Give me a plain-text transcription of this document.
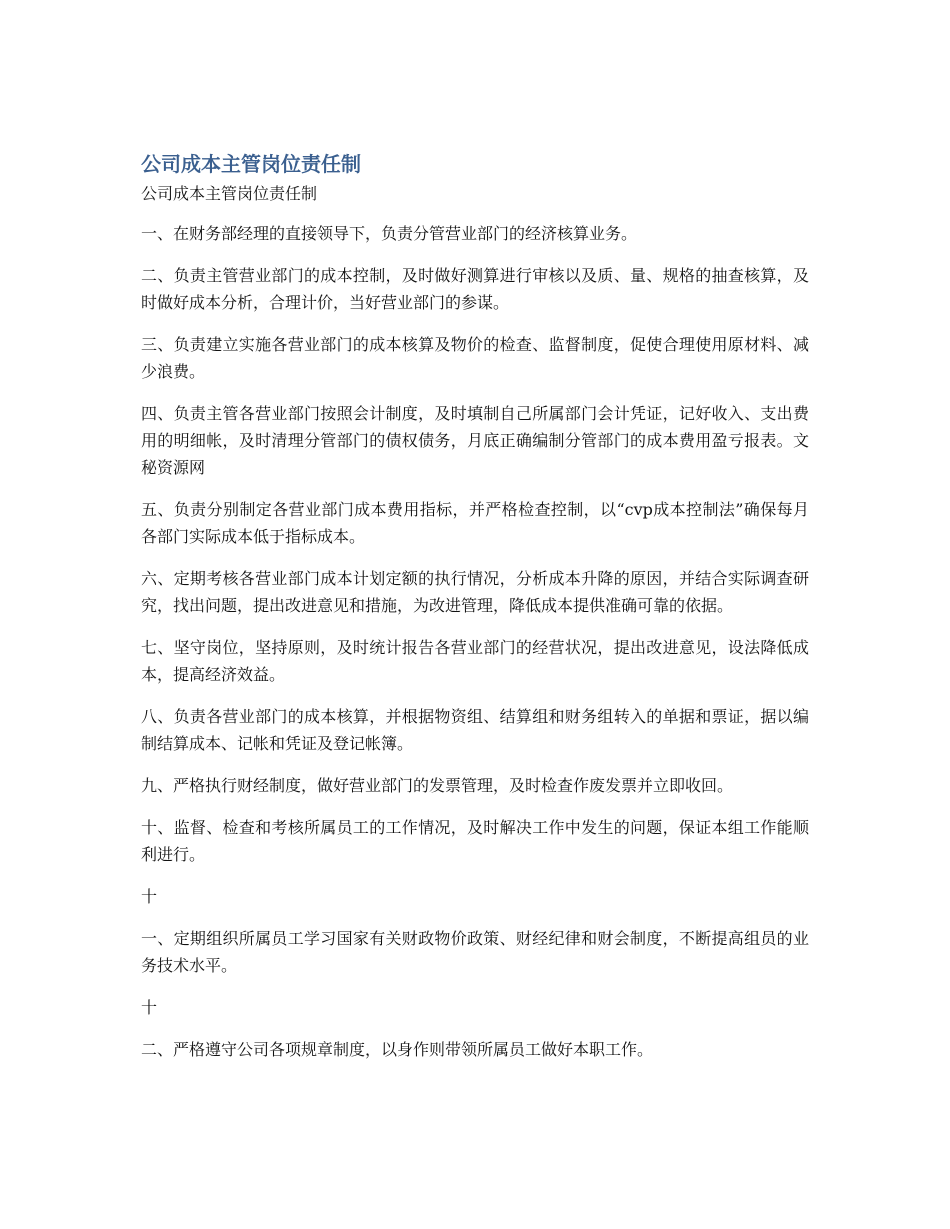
公司成本主管岗位责任制

公司成本主管岗位责任制

一、在财务部经理的直接领导下，负责分管营业部门的经济核算业务。

二、负责主管营业部门的成本控制，及时做好测算进行审核以及质、量、规格的抽查核算，及时做好成本分析，合理计价，当好营业部门的参谋。

三、负责建立实施各营业部门的成本核算及物价的检查、监督制度，促使合理使用原材料、减少浪费。

四、负责主管各营业部门按照会计制度，及时填制自己所属部门会计凭证，记好收入、支出费用的明细帐，及时清理分管部门的债权债务，月底正确编制分管部门的成本费用盈亏报表。文秘资源网

五、负责分别制定各营业部门成本费用指标，并严格检查控制，以“cvp成本控制法”确保每月各部门实际成本低于指标成本。

六、定期考核各营业部门成本计划定额的执行情况，分析成本升降的原因，并结合实际调查研究，找出问题，提出改进意见和措施，为改进管理，降低成本提供准确可靠的依据。

七、坚守岗位，坚持原则，及时统计报告各营业部门的经营状况，提出改进意见，设法降低成本，提高经济效益。

八、负责各营业部门的成本核算，并根据物资组、结算组和财务组转入的单据和票证，据以编制结算成本、记帐和凭证及登记帐簿。

九、严格执行财经制度，做好营业部门的发票管理，及时检查作废发票并立即收回。

十、监督、检查和考核所属员工的工作情况，及时解决工作中发生的问题，保证本组工作能顺利进行。

十

一、定期组织所属员工学习国家有关财政物价政策、财经纪律和财会制度，不断提高组员的业务技术水平。

十

二、严格遵守公司各项规章制度，以身作则带领所属员工做好本职工作。
